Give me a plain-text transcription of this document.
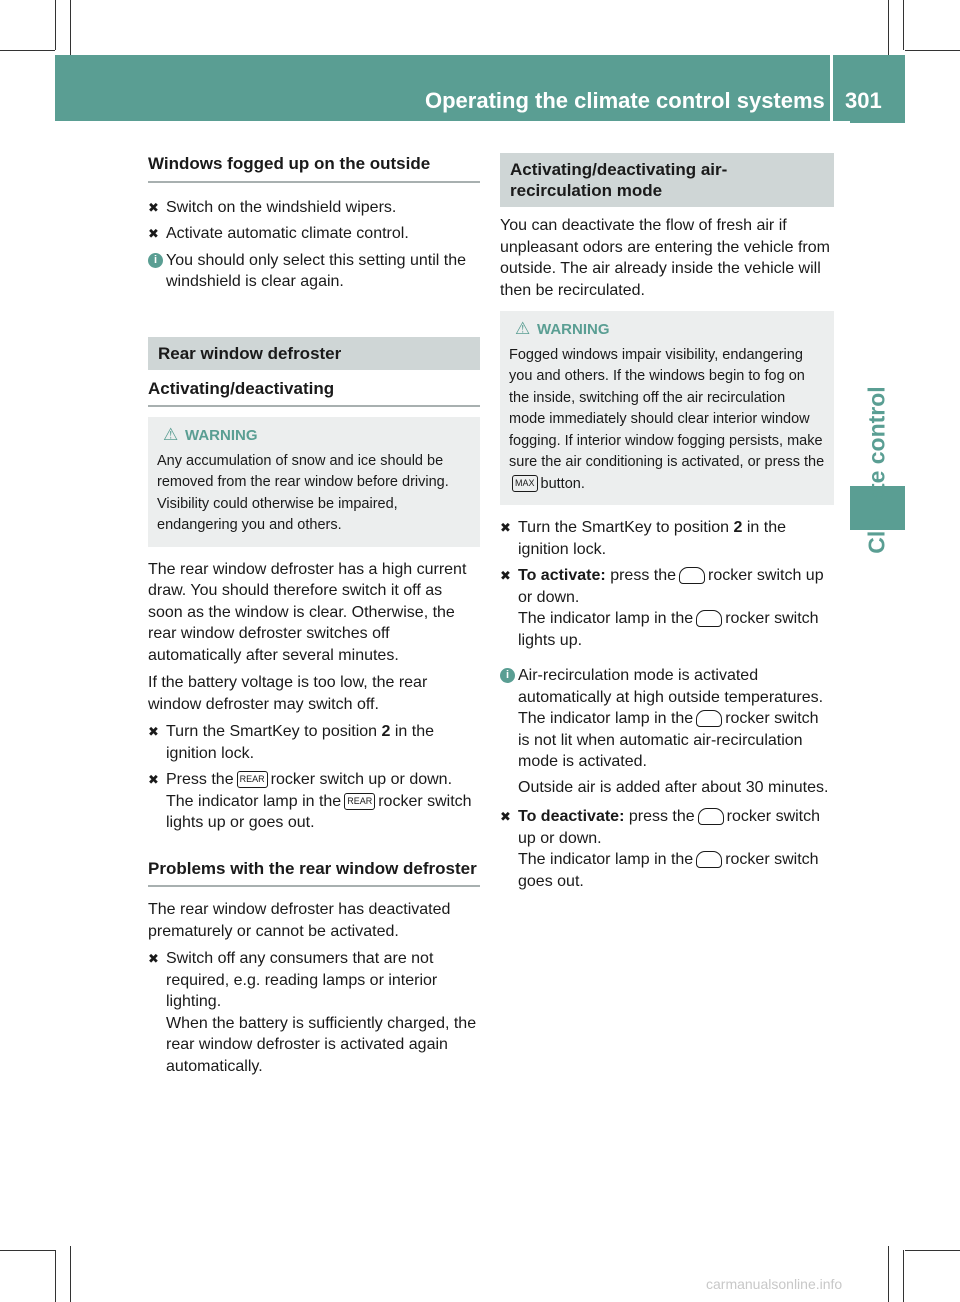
Operating the climate control systems 301
Climate control
Windows fogged up on the outside
✖ Switch on the windshield wipers.
✖ Activate automatic climate control.
i You should only select this setting until the windshield is clear again.
Rear window defroster
Activating/deactivating
⚠ WARNING
Any accumulation of snow and ice should be removed from the rear window before driving. Visibility could otherwise be impaired, endangering you and others.
The rear window defroster has a high current draw. You should therefore switch it off as soon as the window is clear. Otherwise, the rear window defroster switches off automatically after several minutes.
If the battery voltage is too low, the rear window defroster may switch off.
✖ Turn the SmartKey to position 2 in the ignition lock.
✖ Press the REAR rocker switch up or down.
The indicator lamp in the REAR rocker switch lights up or goes out.
Problems with the rear window defroster
The rear window defroster has deactivated prematurely or cannot be activated.
✖ Switch off any consumers that are not required, e.g. reading lamps or interior lighting.
When the battery is sufficiently charged, the rear window defroster is activated again automatically.
Activating/deactivating air-recirculation mode
You can deactivate the flow of fresh air if unpleasant odors are entering the vehicle from outside. The air already inside the vehicle will then be recirculated.
⚠ WARNING
Fogged windows impair visibility, endangering you and others. If the windows begin to fog on the inside, switching off the air recirculation mode immediately should clear interior window fogging. If interior window fogging persists, make sure the air conditioning is activated, or press theMAX button.
✖ Turn the SmartKey to position 2 in the ignition lock.
✖ To activate: press the rocker switch up or down.
The indicator lamp in the rocker switch lights up.
i Air-recirculation mode is activated automatically at high outside temperatures. The indicator lamp in the rocker switch is not lit when automatic air-recirculation mode is activated.
Outside air is added after about 30 minutes.
✖ To deactivate: press the rocker switch up or down.
The indicator lamp in the rocker switch goes out.
carmanualsonline.info
